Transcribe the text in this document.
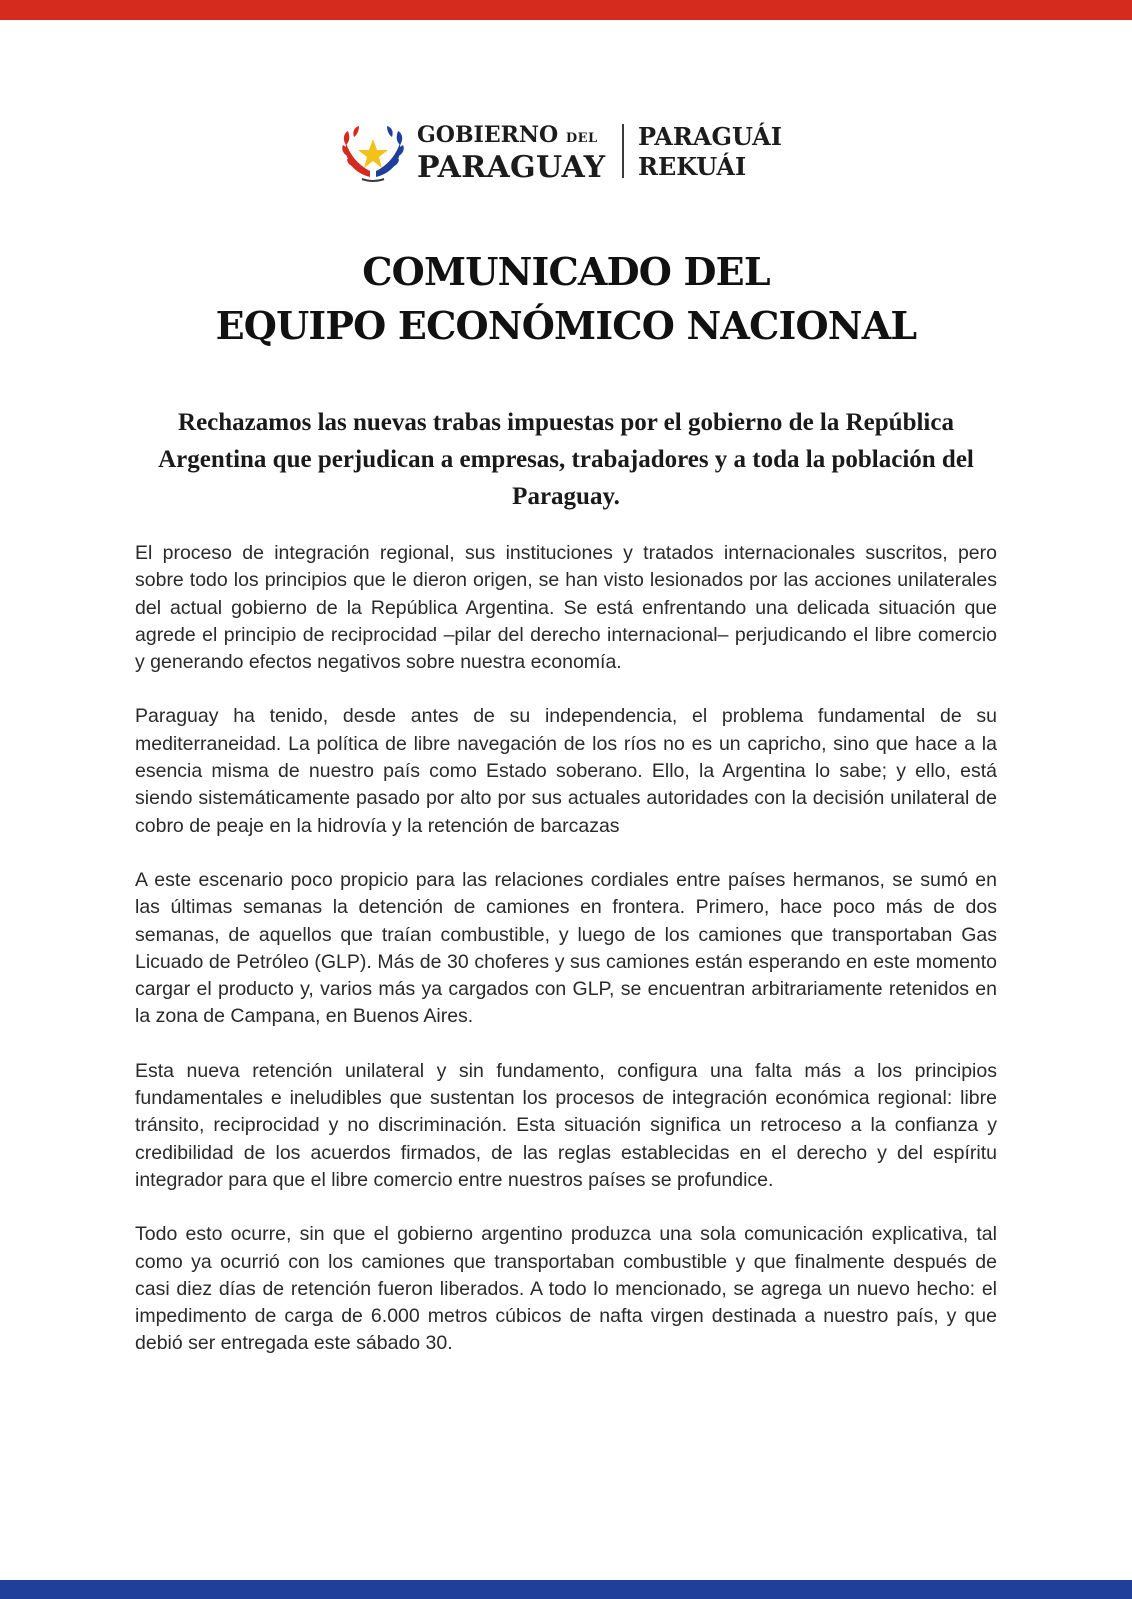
GOBIERNO DEL
PARAGUAY
PARAGUÁI
REKUÁI
COMUNICADO DEL
EQUIPO ECONÓMICO NACIONAL
Rechazamos las nuevas trabas impuestas por el gobierno de la República Argentina que perjudican a empresas, trabajadores y a toda la población del Paraguay.

El proceso de integración regional, sus instituciones y tratados internacionales suscritos, pero sobre todo los principios que le dieron origen, se han visto lesionados por las acciones unilaterales del actual gobierno de la República Argentina. Se está enfrentando una delicada situación que agrede el principio de reciprocidad –pilar del derecho internacional– perjudicando el libre comercio y generando efectos negativos sobre nuestra economía.

Paraguay ha tenido, desde antes de su independencia, el problema fundamental de su mediterraneidad. La política de libre navegación de los ríos no es un capricho, sino que hace a la esencia misma de nuestro país como Estado soberano. Ello, la Argentina lo sabe; y ello, está siendo sistemáticamente pasado por alto por sus actuales autoridades con la decisión unilateral de cobro de peaje en la hidrovía y la retención de barcazas

A este escenario poco propicio para las relaciones cordiales entre países hermanos, se sumó en las últimas semanas la detención de camiones en frontera. Primero, hace poco más de dos semanas, de aquellos que traían combustible, y luego de los camiones que transportaban Gas Licuado de Petróleo (GLP). Más de 30 choferes y sus camiones están esperando en este momento cargar el producto y, varios más ya cargados con GLP, se encuentran arbitrariamente retenidos en la zona de Campana, en Buenos Aires.

Esta nueva retención unilateral y sin fundamento, configura una falta más a los principios fundamentales e ineludibles que sustentan los procesos de integración económica regional: libre tránsito, reciprocidad y no discriminación. Esta situación significa un retroceso a la confianza y credibilidad de los acuerdos firmados, de las reglas establecidas en el derecho y del espíritu integrador para que el libre comercio entre nuestros países se profundice.

Todo esto ocurre, sin que el gobierno argentino produzca una sola comunicación explicativa, tal como ya ocurrió con los camiones que transportaban combustible y que finalmente después de casi diez días de retención fueron liberados. A todo lo mencionado, se agrega un nuevo hecho: el impedimento de carga de 6.000 metros cúbicos de nafta virgen destinada a nuestro país, y que debió ser entregada este sábado 30.
